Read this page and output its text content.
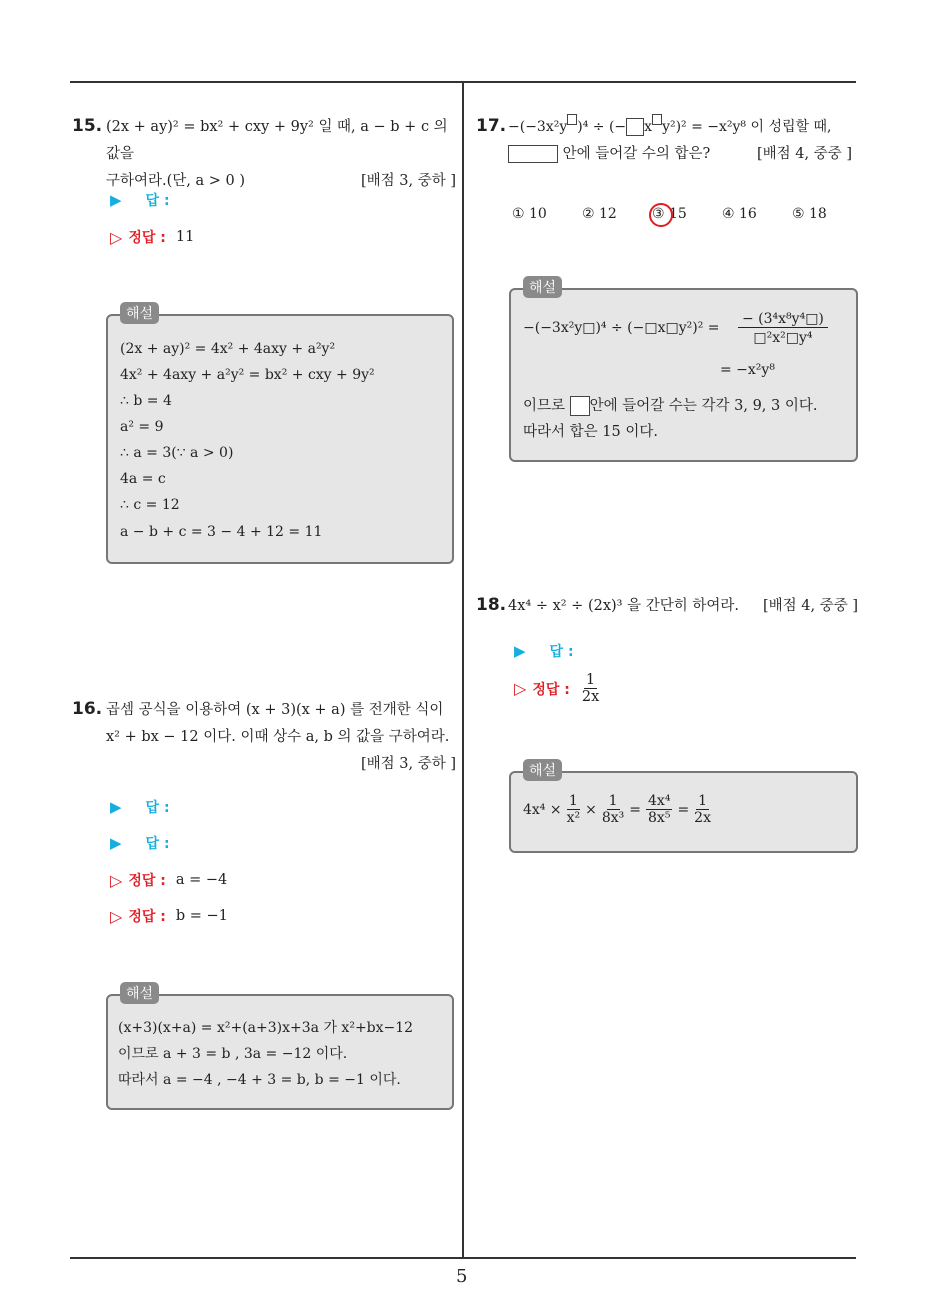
5
15. (2x + ay)² = bx² + cxy + 9y² 일 때, a − b + c 의 값을
구하여라.(단, a > 0 )	[배점 3, 중하 ]
▶ 답 :
▷ 정답 : 11
해설
(2x + ay)² = 4x² + 4axy + a²y²
4x² + 4axy + a²y² = bx² + cxy + 9y²
∴ b = 4
a² = 9
∴ a = 3(∵ a > 0)
4a = c
∴ c = 12
a − b + c = 3 − 4 + 12 = 11
16. 곱셈 공식을 이용하여 (x + 3)(x + a) 를 전개한 식이
x² + bx − 12 이다. 이때 상수 a, b 의 값을 구하여라.
[배점 3, 중하 ]
▶ 답 :
▶ 답 :
▷ 정답 : a = −4
▷ 정답 : b = −1
해설
(x+3)(x+a) = x²+(a+3)x+3a 가 x²+bx−12
이므로 a + 3 = b , 3a = −12 이다.
따라서 a = −4 , −4 + 3 = b, b = −1 이다.
17. −(−3x²y )⁴ ÷ (− x y²)² = −x²y⁸ 이 성립할 때,
안에 들어갈 수의 합은?	[배점 4, 중중 ]
① 10	② 12	③ 15	④ 16	⑤ 18
해설
−(−3x²y□)⁴ ÷ (−□x□y²)² = $\frac{\text{− (3⁴x⁸y⁴□)}}{\text{□²x²□y⁴}}$
= −x²y⁸
이므로 안에 들어갈 수는 각각 3, 9, 3 이다.
따라서 합은 15 이다.
18. 4x⁴ ÷ x² ÷ (2x)³ 을 간단히 하여라. [배점 4, 중중 ]
▶ 답 :
▷ 정답 : $\frac{1}{2x}$
해설
$4x^4 \times \frac{1}{\text{x²}} \times \frac{1}{\text{8x³}} = \frac{\text{4x⁴}}{\text{8x⁵}} = \frac{1}{2x}$
